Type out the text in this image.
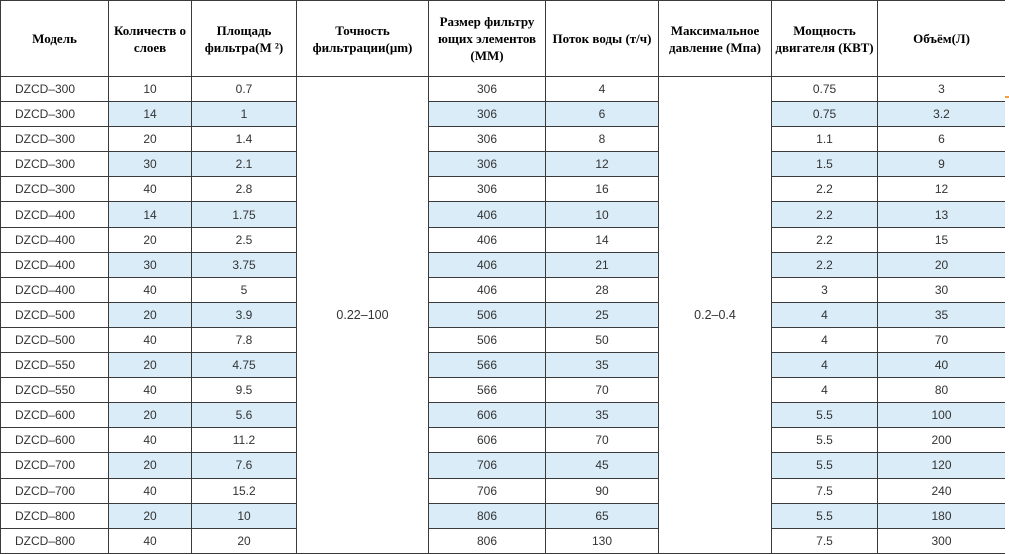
Модель	Количеств о слоев	Площадь фильтра(М ²)	Точность фильтрации(μm)	Размер фильтру ющих элементов (ММ)	Поток воды (т/ч)	Максимальное давление (Мпа)	Мощность двигателя (КВТ)	Объём(Л)
DZCD–300	10	0.7	0.22–100	306	4	0.2–0.4	0.75	3
DZCD–300	14	1		306	6		0.75	3.2
DZCD–300	20	1.4		306	8		1.1	6
DZCD–300	30	2.1		306	12		1.5	9
DZCD–300	40	2.8		306	16		2.2	12
DZCD–400	14	1.75		406	10		2.2	13
DZCD–400	20	2.5		406	14		2.2	15
DZCD–400	30	3.75		406	21		2.2	20
DZCD–400	40	5		406	28		3	30
DZCD–500	20	3.9		506	25		4	35
DZCD–500	40	7.8		506	50		4	70
DZCD–550	20	4.75		566	35		4	40
DZCD–550	40	9.5		566	70		4	80
DZCD–600	20	5.6		606	35		5.5	100
DZCD–600	40	11.2		606	70		5.5	200
DZCD–700	20	7.6		706	45		5.5	120
DZCD–700	40	15.2		706	90		7.5	240
DZCD–800	20	10		806	65		5.5	180
DZCD–800	40	20		806	130		7.5	300
